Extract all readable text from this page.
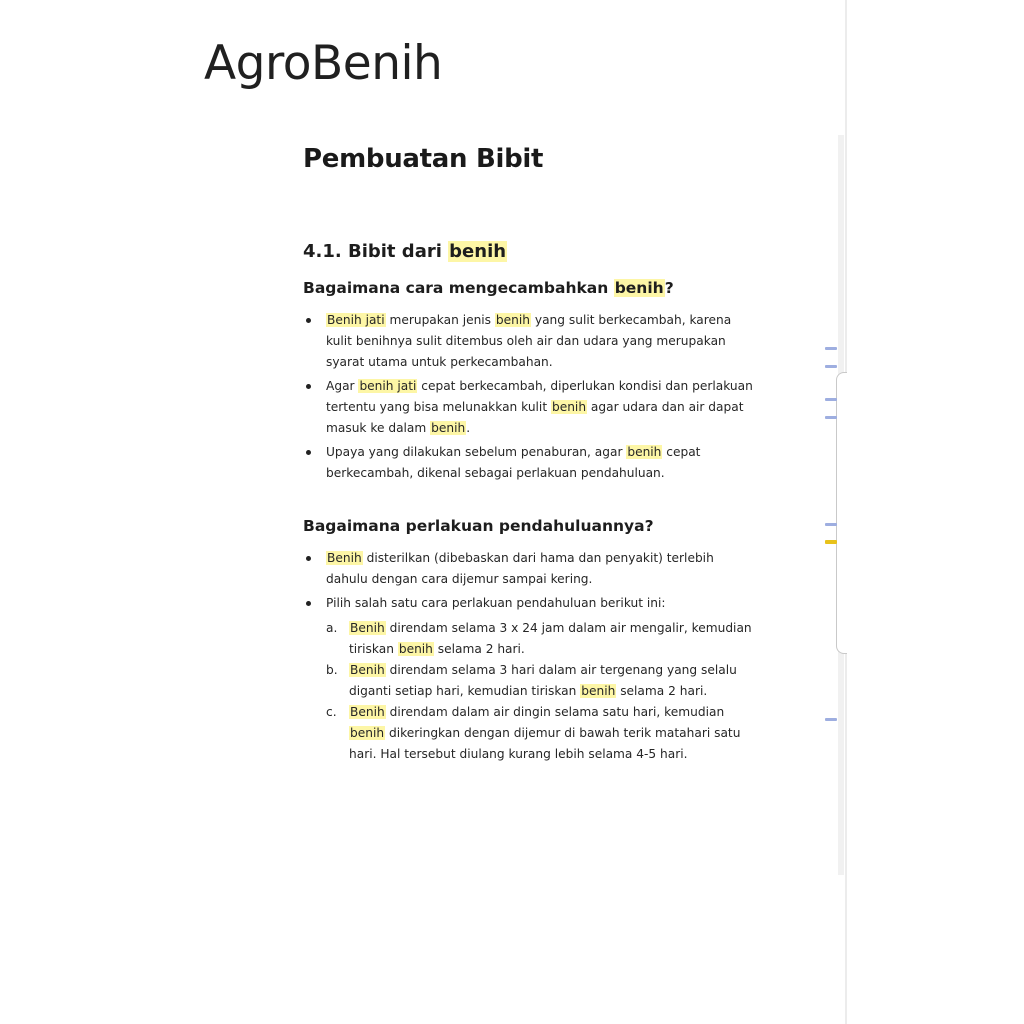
AgroBenih
Pembuatan Bibit
4.1. Bibit dari benih
Bagaimana cara mengecambahkan benih?
Benih jati merupakan jenis benih yang sulit berkecambah, karena kulit benihnya sulit ditembus oleh air dan udara yang merupakan syarat utama untuk perkecambahan.
Agar benih jati cepat berkecambah, diperlukan kondisi dan perlakuan tertentu yang bisa melunakkan kulit benih agar udara dan air dapat masuk ke dalam benih.
Upaya yang dilakukan sebelum penaburan, agar benih cepat berkecambah, dikenal sebagai perlakuan pendahuluan.
Bagaimana perlakuan pendahuluannya?
Benih disterilkan (dibebaskan dari hama dan penyakit) terlebih dahulu dengan cara dijemur sampai kering.
Pilih salah satu cara perlakuan pendahuluan berikut ini:
a. Benih direndam selama 3 x 24 jam dalam air mengalir, kemudian tiriskan benih selama 2 hari.
b. Benih direndam selama 3 hari dalam air tergenang yang selalu diganti setiap hari, kemudian tiriskan benih selama 2 hari.
c. Benih direndam dalam air dingin selama satu hari, kemudian benih dikeringkan dengan dijemur di bawah terik matahari satu hari. Hal tersebut diulang kurang lebih selama 4-5 hari.
